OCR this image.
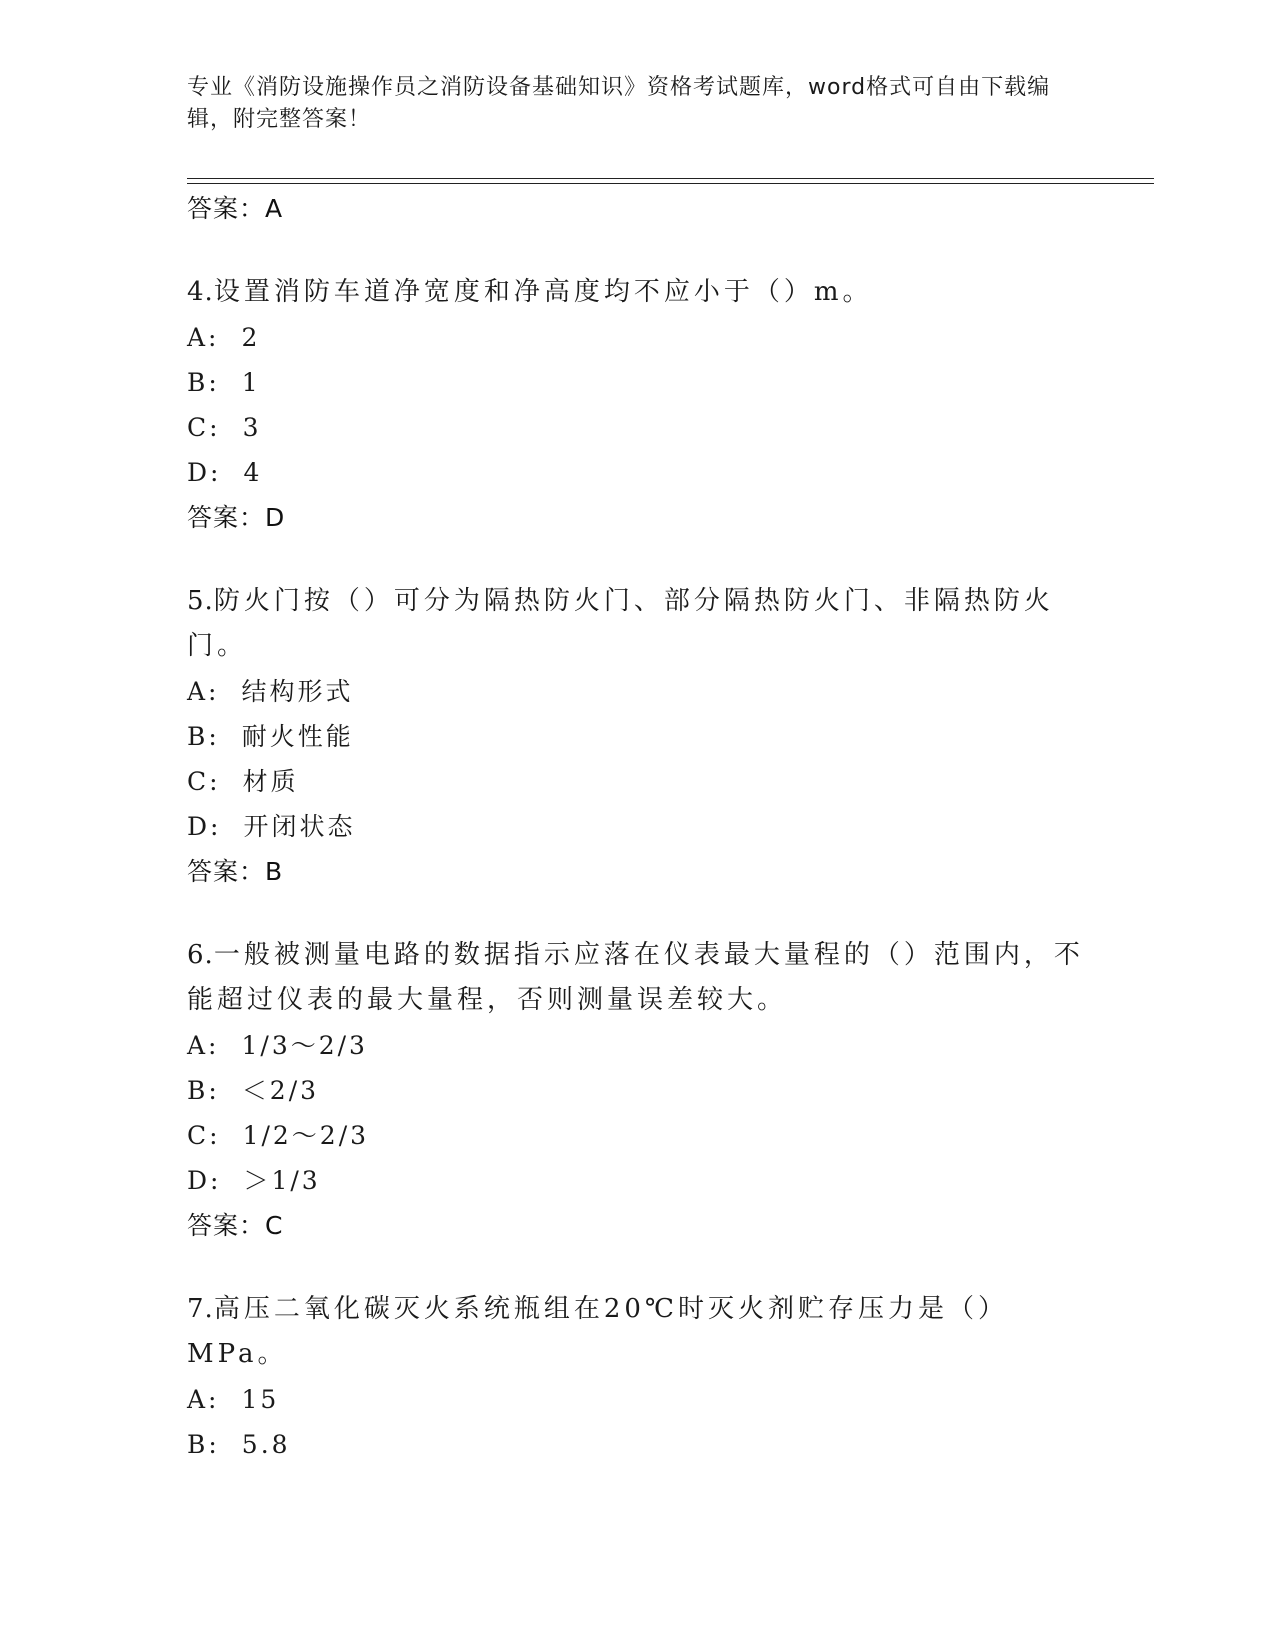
专业《消防设施操作员之消防设备基础知识》资格考试题库，word格式可自由下载编辑，附完整答案！
答案：A
4.设置消防车道净宽度和净高度均不应小于（）m。
A: 2
B: 1
C: 3
D: 4
答案：D
5.防火门按（）可分为隔热防火门、部分隔热防火门、非隔热防火门。
A: 结构形式
B: 耐火性能
C: 材质
D: 开闭状态
答案：B
6.一般被测量电路的数据指示应落在仪表最大量程的（）范围内，不能超过仪表的最大量程，否则测量误差较大。
A: 1/3～2/3
B: ＜2/3
C: 1/2～2/3
D: ＞1/3
答案：C
7.高压二氧化碳灭火系统瓶组在20℃时灭火剂贮存压力是（）MPa。
A: 15
B: 5.8
